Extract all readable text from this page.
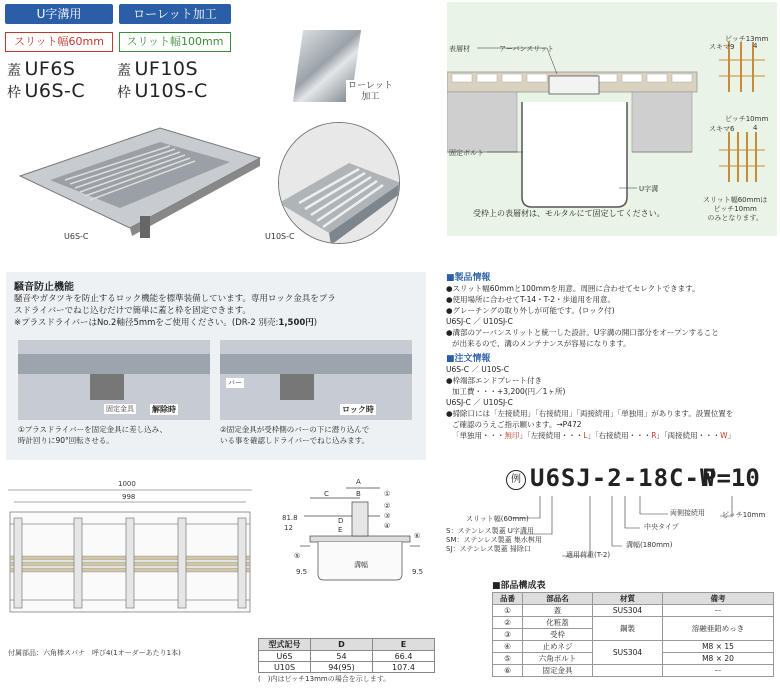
U字溝用	ローレット加工
スリット幅60mm	スリット幅100mm
蓋 UF6S
枠 U6S-C
蓋 UF10S
枠 U10S-C	ローレット
加工
U6S-C	U10S-C
表層材	アーバンスリット
固定ボルト
U字溝
受枠上の表層材は、モルタルにて固定してください。
ピッチ13mm
スキマ9	4
ピッチ10mm
スキマ6	4
スリット幅60mmは
ピッチ10mm
のみとなります。
騒音防止機能
騒音やガタツキを防止するロック機能を標準装備しています。専用ロック金具をプラ
スドライバーでねじ込むだけで簡単に蓋と枠を固定できます。
※プラスドライバーはNo.2軸径5mmをご使用ください。(DR-2 別売:1,500円)
固定金具 解除時
バー
ロック時
①プラスドライバーを固定金具に差し込み、
時計回りに90°回転させる。
②固定金具が受枠側のバーの下に潜り込んで
いる事を確認しドライバーでねじ込みます。
■製品情報
●スリット幅60mmと100mmを用意。周囲に合わせてセレクトできます。
●使用場所に合わせてT-14・T-2・歩道用を用意。
●グレーチングの取り外しが可能です。(ロック付)
U6SJ-C ／ U10SJ-C
●溝部のアーバンスリットと統一した設計。U字溝の開口部分をオープンすること
が出来るので、溝のメンテナンスが容易になります。
■注文情報
U6S-C ／ U10S-C
●枠端部エンドプレート付き
加工費・・・+3,200(円／1ヶ所)
U6SJ-C ／ U10SJ-C
●掃除口には「左接続用」「右接続用」「両接続用」「単独用」があります。設置位置を
ご確認のうえご指示願います。→P472
「単独用・・・無印」「左接続用・・・L」「右接続用・・・R」「両接続用・・・W」
例 U6SJ-2-18C-W
P=10
スリット幅(60mm)
S：ステンレス製蓋 U字溝用
SM：ステンレス製蓋 集水桝用
SJ：ステンレス製蓋 掃除口
適用荷重(T-2)
溝幅(180mm)
中央タイプ
両側接続用 ピッチ10mm
1000
998
付属部品：六角棒スパナ　呼び4(1オーダーあたり1本)
C
A
B
D
E
81.8
12
溝幅
9.5	9.5
①
②
③
④
⑤
⑥
型式記号	D	E
U6S	54	66.4
U10S	94(95)	107.4
(　)内はピッチ13mmの場合を示します。
■部品構成表
品番	部品名	材質	備考
①	蓋	SUS304	ー
②	化粧蓋	鋼製	溶融亜鉛めっき
③	受枠		
④	止めネジ	SUS304	M8 × 15
⑤	六角ボルト		M8 × 20
⑥	固定金具		ー
